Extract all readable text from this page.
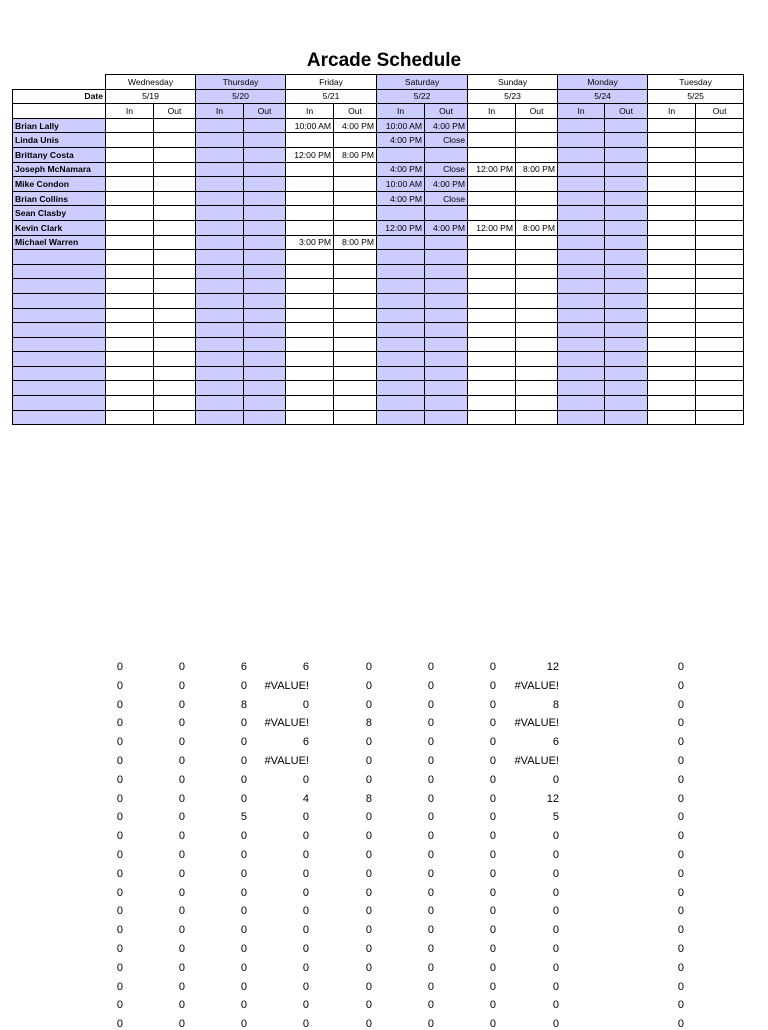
Arcade Schedule
	Wednesday		Thursday		Friday		Saturday		Sunday		Monday		Tuesday	
Date	5/19		5/20		5/21		5/22		5/23		5/24		5/25	
	In	Out	In	Out	In	Out	In	Out	In	Out	In	Out	In	Out
Brian Lally					10:00 AM	4:00 PM	10:00 AM	4:00 PM						
Linda Unis							4:00 PM	Close						
Brittany Costa					12:00 PM	8:00 PM								
Joseph McNamara							4:00 PM	Close	12:00 PM	8:00 PM				
Mike Condon							10:00 AM	4:00 PM						
Brian Collins							4:00 PM	Close						
Sean Clasby														
Kevin Clark							12:00 PM	4:00 PM	12:00 PM	8:00 PM				
Michael Warren					3:00 PM	8:00 PM								

0	0	6	6	0	0	0	12	0
0	0	0	#VALUE!	0	0	0	#VALUE!	0
0	0	8	0	0	0	0	8	0
0	0	0	#VALUE!	8	0	0	#VALUE!	0
0	0	0	6	0	0	0	6	0
0	0	0	#VALUE!	0	0	0	#VALUE!	0
0	0	0	0	0	0	0	0	0
0	0	0	4	8	0	0	12	0
0	0	5	0	0	0	0	5	0
0	0	0	0	0	0	0	0	0
0	0	0	0	0	0	0	0	0
0	0	0	0	0	0	0	0	0
0	0	0	0	0	0	0	0	0
0	0	0	0	0	0	0	0	0
0	0	0	0	0	0	0	0	0
0	0	0	0	0	0	0	0	0
0	0	0	0	0	0	0	0	0
0	0	0	0	0	0	0	0	0
0	0	0	0	0	0	0	0	0
0	0	0	0	0	0	0	0	0
